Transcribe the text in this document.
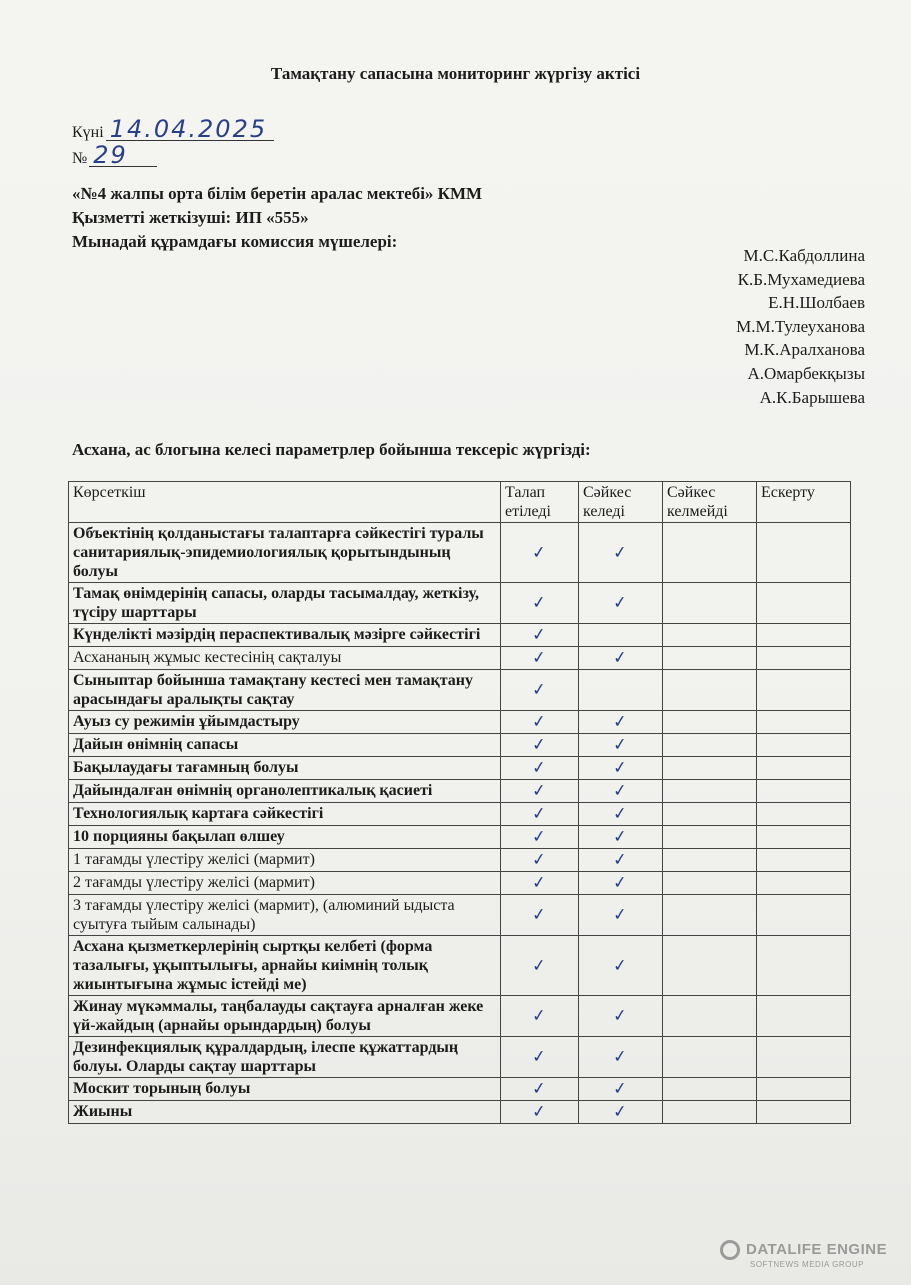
Тамақтану сапасына мониторинг жүргізу актісі
Күні 14.04.2025
№ 29
«№4 жалпы орта білім беретін аралас мектебі» КММ
Қызметті жеткізуші: ИП «555»
Мынадай құрамдағы комиссия мүшелері:
М.С.Кабдоллина
К.Б.Мухамедиева
Е.Н.Шолбаев
М.М.Тулеуханова
М.К.Аралханова
А.Омарбекқызы
А.К.Барышева
Асхана, ас блогына келесі параметрлер бойынша тексеріс жүргізді:
Көрсеткіш	Талап етіледі	Сәйкес келеді	Сәйкес келмейді	Ескерту
Объектінің қолданыстағы талаптарға сәйкестігі туралы санитариялық-эпидемиологиялық қорытындының болуы	✓	✓		
Тамақ өнімдерінің сапасы, оларды тасымалдау, жеткізу, түсіру шарттары	✓	✓		
Күнделікті мәзірдің пераспективалық мәзірге сәйкестігі	✓			
Асхананың жұмыс кестесінің сақталуы	✓	✓		
Сыныптар бойынша тамақтану кестесі мен тамақтану арасындағы аралықты сақтау	✓			
Ауыз су режимін ұйымдастыру	✓	✓		
Дайын өнімнің сапасы	✓	✓		
Бақылаудағы тағамның болуы	✓	✓		
Дайындалған өнімнің органолептикалық қасиеті	✓	✓		
Технологиялық картаға сәйкестігі	✓	✓		
10 порцияны бақылап өлшеу	✓	✓		
1 тағамды үлестіру желісі (мармит)	✓	✓		
2 тағамды үлестіру желісі (мармит)	✓	✓		
3 тағамды үлестіру желісі (мармит), (алюминий ыдыста суытуға тыйым салынады)	✓	✓		
Асхана қызметкерлерінің сыртқы келбеті (форма тазалығы, ұқыптылығы, арнайы киімнің толық жиынтығына жұмыс істейді ме)	✓	✓		
Жинау мүкәммалы, таңбалауды сақтауға арналған жеке үй-жайдың (арнайы орындардың) болуы	✓	✓		
Дезинфекциялық құралдардың, ілеспе құжаттардың болуы. Оларды сақтау шарттары	✓	✓		
Москит торының болуы	✓	✓		
Жиыны	✓	✓		
DATALIFE ENGINE
SOFTNEWS MEDIA GROUP
